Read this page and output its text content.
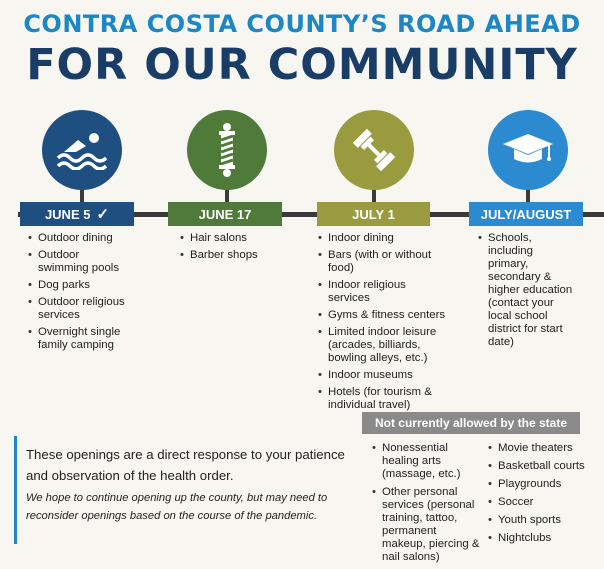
CONTRA COSTA COUNTY’S ROAD AHEAD
FOR OUR COMMUNITY
JUNE 5 ✓	JUNE 17	JULY 1	JULY/AUGUST
• Outdoor dining
• Outdoor swimming pools
• Dog parks
• Outdoor religious services
• Overnight single family camping
• Hair salons
• Barber shops
• Indoor dining
• Bars (with or without food)
• Indoor religious services
• Gyms & fitness centers
• Limited indoor leisure (arcades, billiards, bowling alleys, etc.)
• Indoor museums
• Hotels (for tourism & individual travel)
• Schools, including primary, secondary & higher education (contact your local school district for start date)
These openings are a direct response to your patience and observation of the health order.
We hope to continue opening up the county, but may need to reconsider openings based on the course of the pandemic.
Not currently allowed by the state
• Nonessential healing arts (massage, etc.)
• Other personal services (personal training, tattoo, permanent makeup, piercing & nail salons)
• Movie theaters
• Basketball courts
• Playgrounds
• Soccer
• Youth sports
• Nightclubs
